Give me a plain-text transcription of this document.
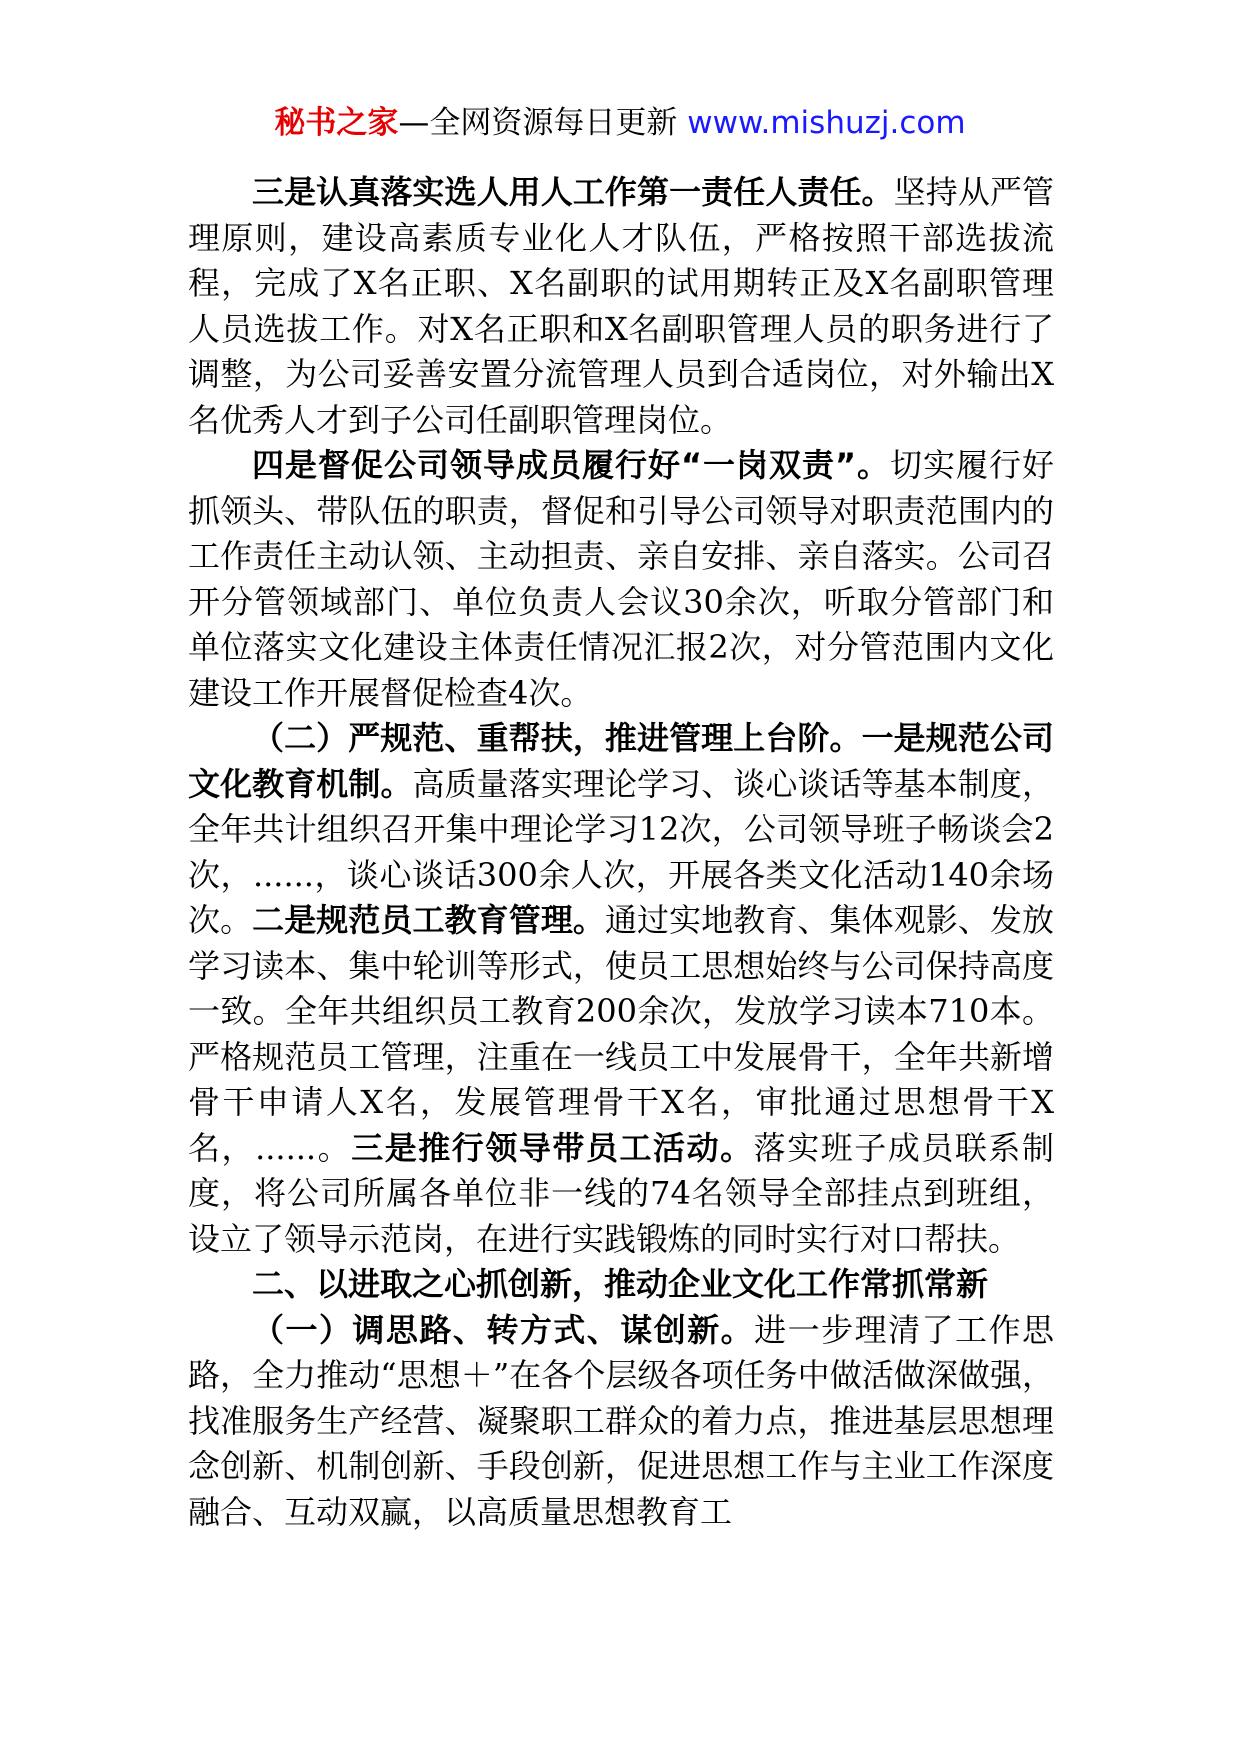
秘书之家—全网资源每日更新 www.mishuzj.com

三是认真落实选人用人工作第一责任人责任。坚持从严管理原则，建设高素质专业化人才队伍，严格按照干部选拔流程，完成了X名正职、X名副职的试用期转正及X名副职管理人员选拔工作。对X名正职和X名副职管理人员的职务进行了调整，为公司妥善安置分流管理人员到合适岗位，对外输出X名优秀人才到子公司任副职管理岗位。

四是督促公司领导成员履行好“一岗双责”。切实履行好抓领头、带队伍的职责，督促和引导公司领导对职责范围内的工作责任主动认领、主动担责、亲自安排、亲自落实。公司召开分管领域部门、单位负责人会议30余次，听取分管部门和单位落实文化建设主体责任情况汇报2次，对分管范围内文化建设工作开展督促检查4次。

（二）严规范、重帮扶，推进管理上台阶。一是规范公司文化教育机制。高质量落实理论学习、谈心谈话等基本制度，全年共计组织召开集中理论学习12次，公司领导班子畅谈会2次，......，谈心谈话300余人次，开展各类文化活动140余场次。二是规范员工教育管理。通过实地教育、集体观影、发放学习读本、集中轮训等形式，使员工思想始终与公司保持高度一致。全年共组织员工教育200余次，发放学习读本710本。严格规范员工管理，注重在一线员工中发展骨干，全年共新增骨干申请人X名，发展管理骨干X名，审批通过思想骨干X名，......。三是推行领导带员工活动。落实班子成员联系制度，将公司所属各单位非一线的74名领导全部挂点到班组，设立了领导示范岗，在进行实践锻炼的同时实行对口帮扶。

二、以进取之心抓创新，推动企业文化工作常抓常新

（一）调思路、转方式、谋创新。进一步理清了工作思路，全力推动“思想＋”在各个层级各项任务中做活做深做强，找准服务生产经营、凝聚职工群众的着力点，推进基层思想理念创新、机制创新、手段创新，促进思想工作与主业工作深度融合、互动双赢，以高质量思想教育工
